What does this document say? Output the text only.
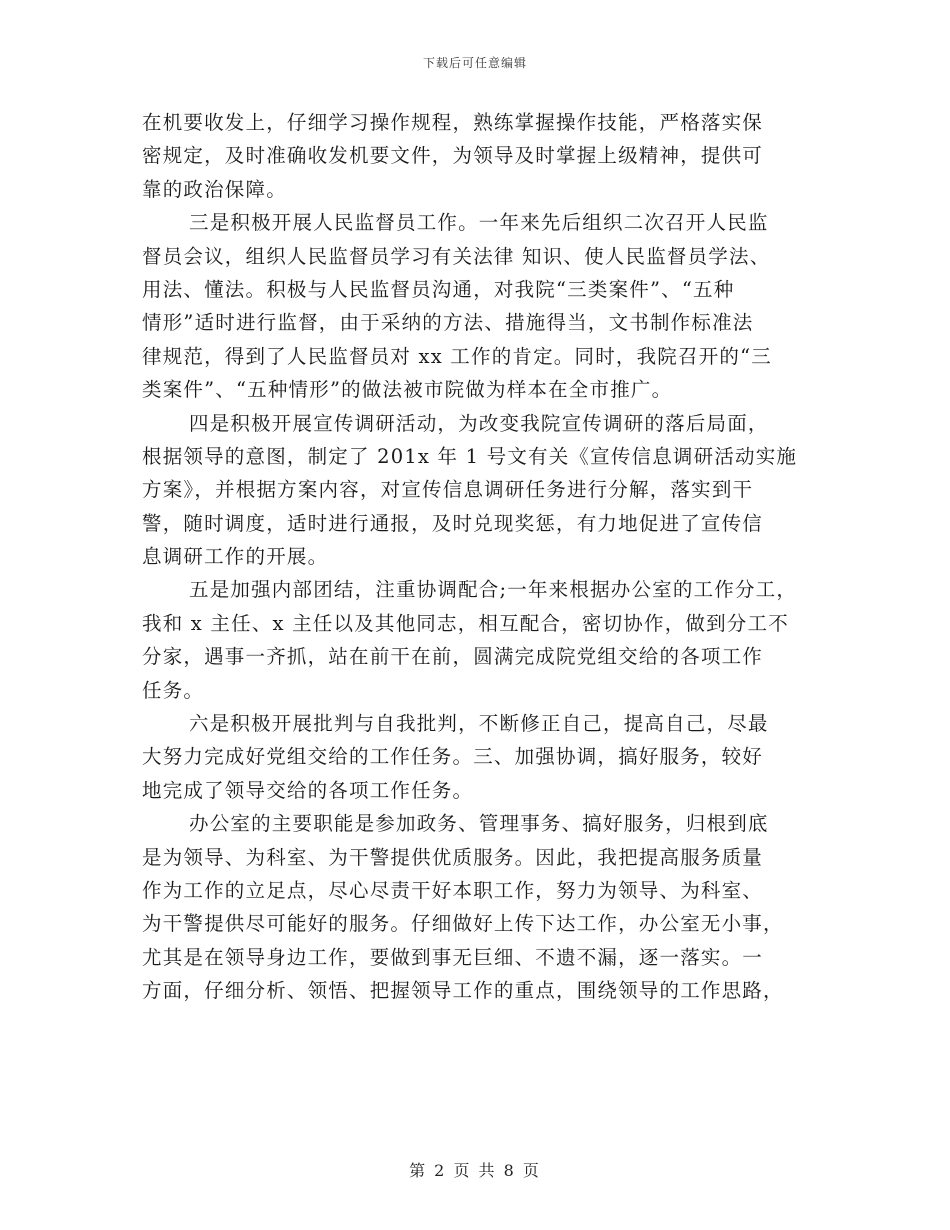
下载后可任意编辑
在机要收发上，仔细学习操作规程，熟练掌握操作技能，严格落实保
密规定，及时准确收发机要文件，为领导及时掌握上级精神，提供可
靠的政治保障。
三是积极开展人民监督员工作。一年来先后组织二次召开人民监
督员会议，组织人民监督员学习有关法律 知识、使人民监督员学法、
用法、懂法。积极与人民监督员沟通，对我院“三类案件”、“五种
情形”适时进行监督，由于采纳的方法、措施得当，文书制作标准法
律规范，得到了人民监督员对 xx 工作的肯定。同时，我院召开的“三
类案件”、“五种情形”的做法被市院做为样本在全市推广。
四是积极开展宣传调研活动，为改变我院宣传调研的落后局面，
根据领导的意图，制定了 201x 年 1 号文有关《宣传信息调研活动实施
方案》，并根据方案内容，对宣传信息调研任务进行分解，落实到干
警，随时调度，适时进行通报，及时兑现奖惩，有力地促进了宣传信
息调研工作的开展。
五是加强内部团结，注重协调配合;一年来根据办公室的工作分工，
我和 x 主任、x 主任以及其他同志，相互配合，密切协作，做到分工不
分家，遇事一齐抓，站在前干在前，圆满完成院党组交给的各项工作
任务。
六是积极开展批判与自我批判，不断修正自己，提高自己，尽最
大努力完成好党组交给的工作任务。三、加强协调，搞好服务，较好
地完成了领导交给的各项工作任务。
办公室的主要职能是参加政务、管理事务、搞好服务，归根到底
是为领导、为科室、为干警提供优质服务。因此，我把提高服务质量
作为工作的立足点，尽心尽责干好本职工作，努力为领导、为科室、
为干警提供尽可能好的服务。仔细做好上传下达工作，办公室无小事，
尤其是在领导身边工作，要做到事无巨细、不遗不漏，逐一落实。一
方面，仔细分析、领悟、把握领导工作的重点，围绕领导的工作思路，
第 2 页 共 8 页
